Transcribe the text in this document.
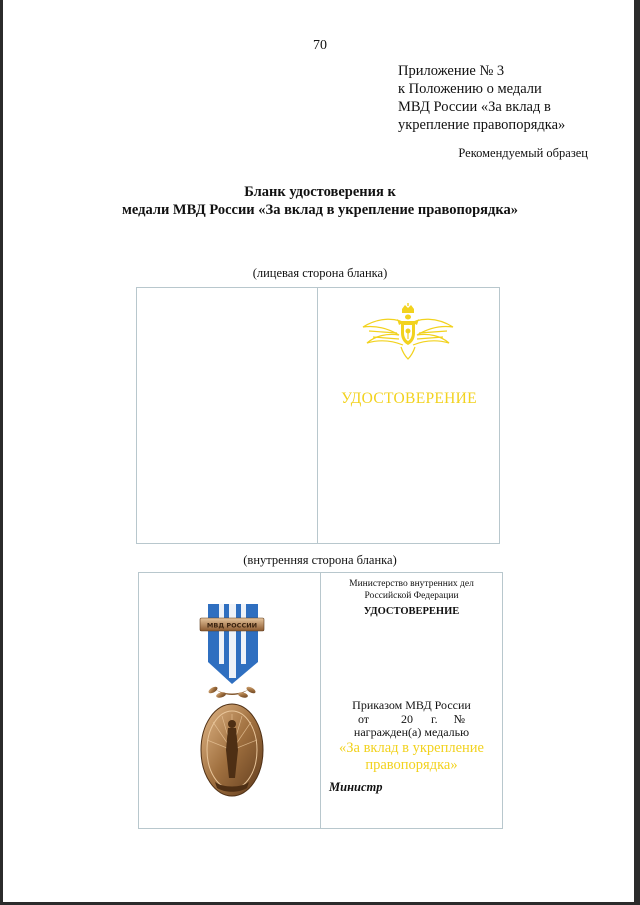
70
Приложение № 3
к Положению о медали
МВД России «За вклад в
укрепление правопорядка»
Рекомендуемый образец
Бланк удостоверения к
медали МВД России «За вклад в укрепление правопорядка»
(лицевая сторона бланка)
УДОСТОВЕРЕНИЕ
(внутренняя сторона бланка)
МВД РОССИИ
Министерство внутренних дел
Российской Федерации
УДОСТОВЕРЕНИЕ
Приказом МВД России
от	20 г. №
награжден(а) медалью
«За вклад в укрепление
правопорядка»
Министр
